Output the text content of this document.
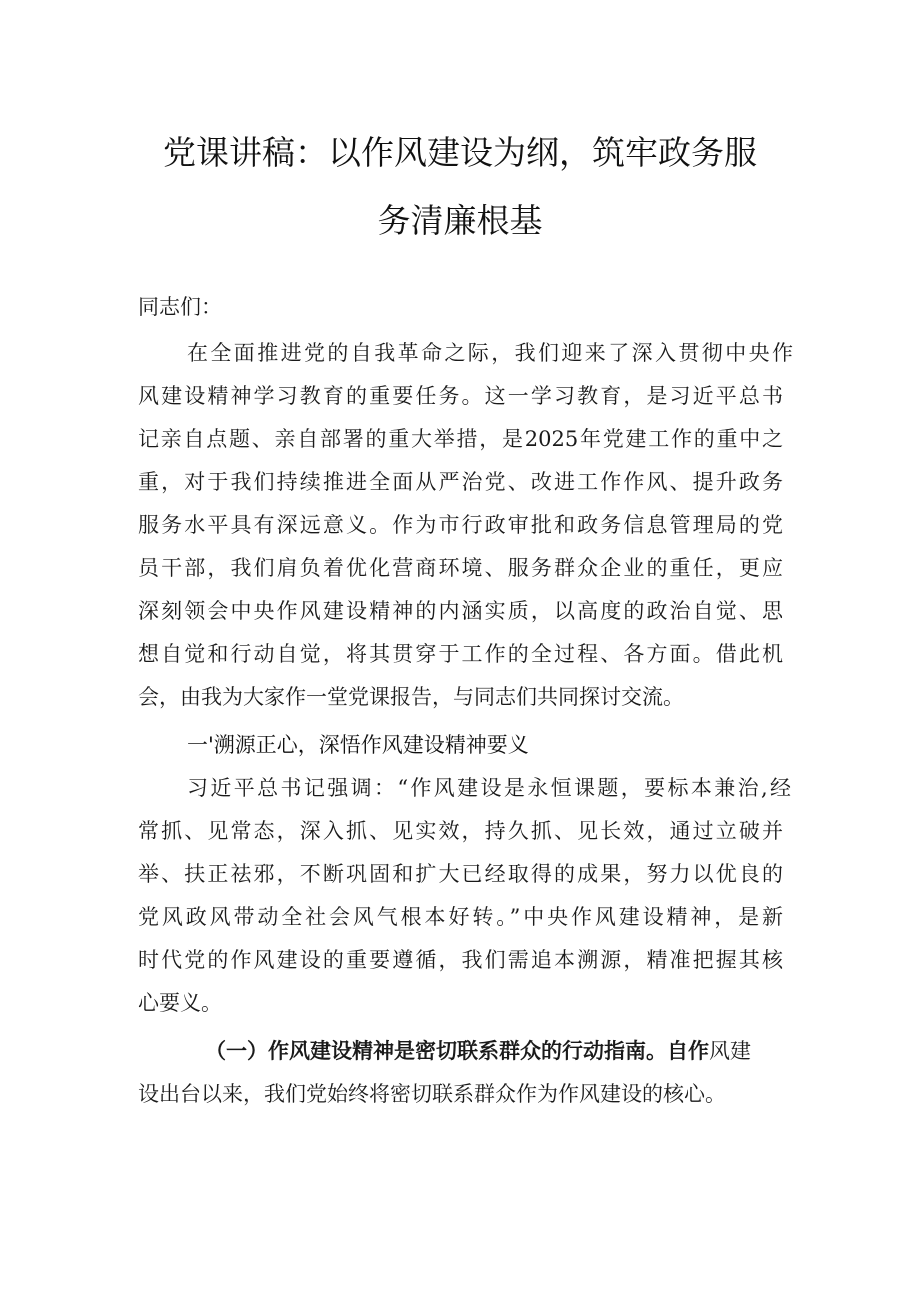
党课讲稿：以作风建设为纲，筑牢政务服
务清廉根基
同志们：
在全面推进党的自我革命之际，我们迎来了深入贯彻中央作
风建设精神学习教育的重要任务。这一学习教育，是习近平总书
记亲自点题、亲自部署的重大举措，是2025年党建工作的重中之
重，对于我们持续推进全面从严治党、改进工作作风、提升政务
服务水平具有深远意义。作为市行政审批和政务信息管理局的党
员干部，我们肩负着优化营商环境、服务群众企业的重任，更应
深刻领会中央作风建设精神的内涵实质，以高度的政治自觉、思
想自觉和行动自觉，将其贯穿于工作的全过程、各方面。借此机
会，由我为大家作一堂党课报告，与同志们共同探讨交流。
一'溯源正心，深悟作风建设精神要义
习近平总书记强调：“作风建设是永恒课题，要标本兼治,经
常抓、见常态，深入抓、见实效，持久抓、见长效，通过立破并
举、扶正祛邪，不断巩固和扩大已经取得的成果，努力以优良的
党风政风带动全社会风气根本好转。”中央作风建设精神，是新
时代党的作风建设的重要遵循，我们需追本溯源，精准把握其核
心要义。
（一）作风建设精神是密切联系群众的行动指南。自作风建
设出台以来，我们党始终将密切联系群众作为作风建设的核心。
